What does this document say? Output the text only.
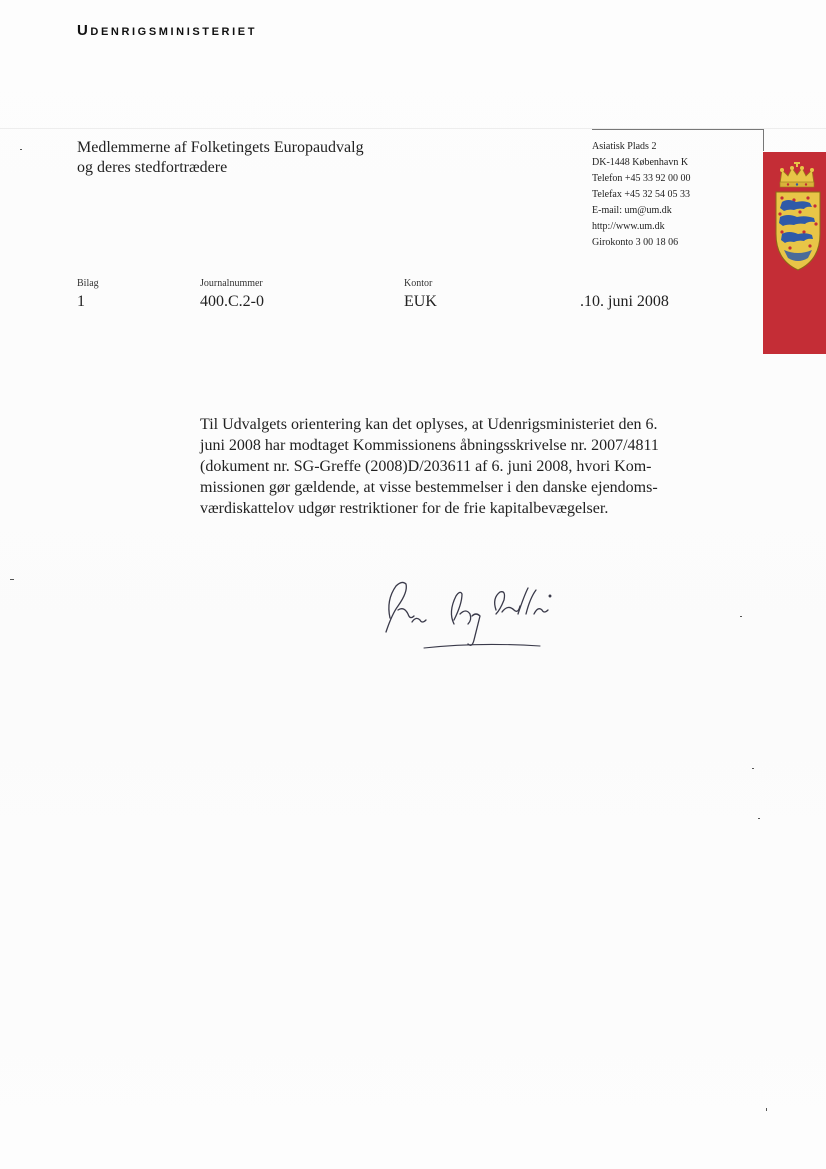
Udenrigsministeriet
Medlemmerne af Folketingets Europaudvalg
og deres stedfortrædere
Asiatisk Plads 2
DK-1448 København K
Telefon +45 33 92 00 00
Telefax +45 32 54 05 33
E-mail: um@um.dk
http://www.um.dk
Girokonto 3 00 18 06
Bilag
1
Journalnummer
400.C.2-0
Kontor
EUK	.10. juni 2008
Til Udvalgets orientering kan det oplyses, at Udenrigsministeriet den 6.
juni 2008 har modtaget Kommissionens åbningsskrivelse nr. 2007/4811
(dokument nr. SG-Greffe (2008)D/203611 af 6. juni 2008, hvori Kom-
missionen gør gældende, at visse bestemmelser i den danske ejendoms-
værdiskattelov udgør restriktioner for de frie kapitalbevægelser.
